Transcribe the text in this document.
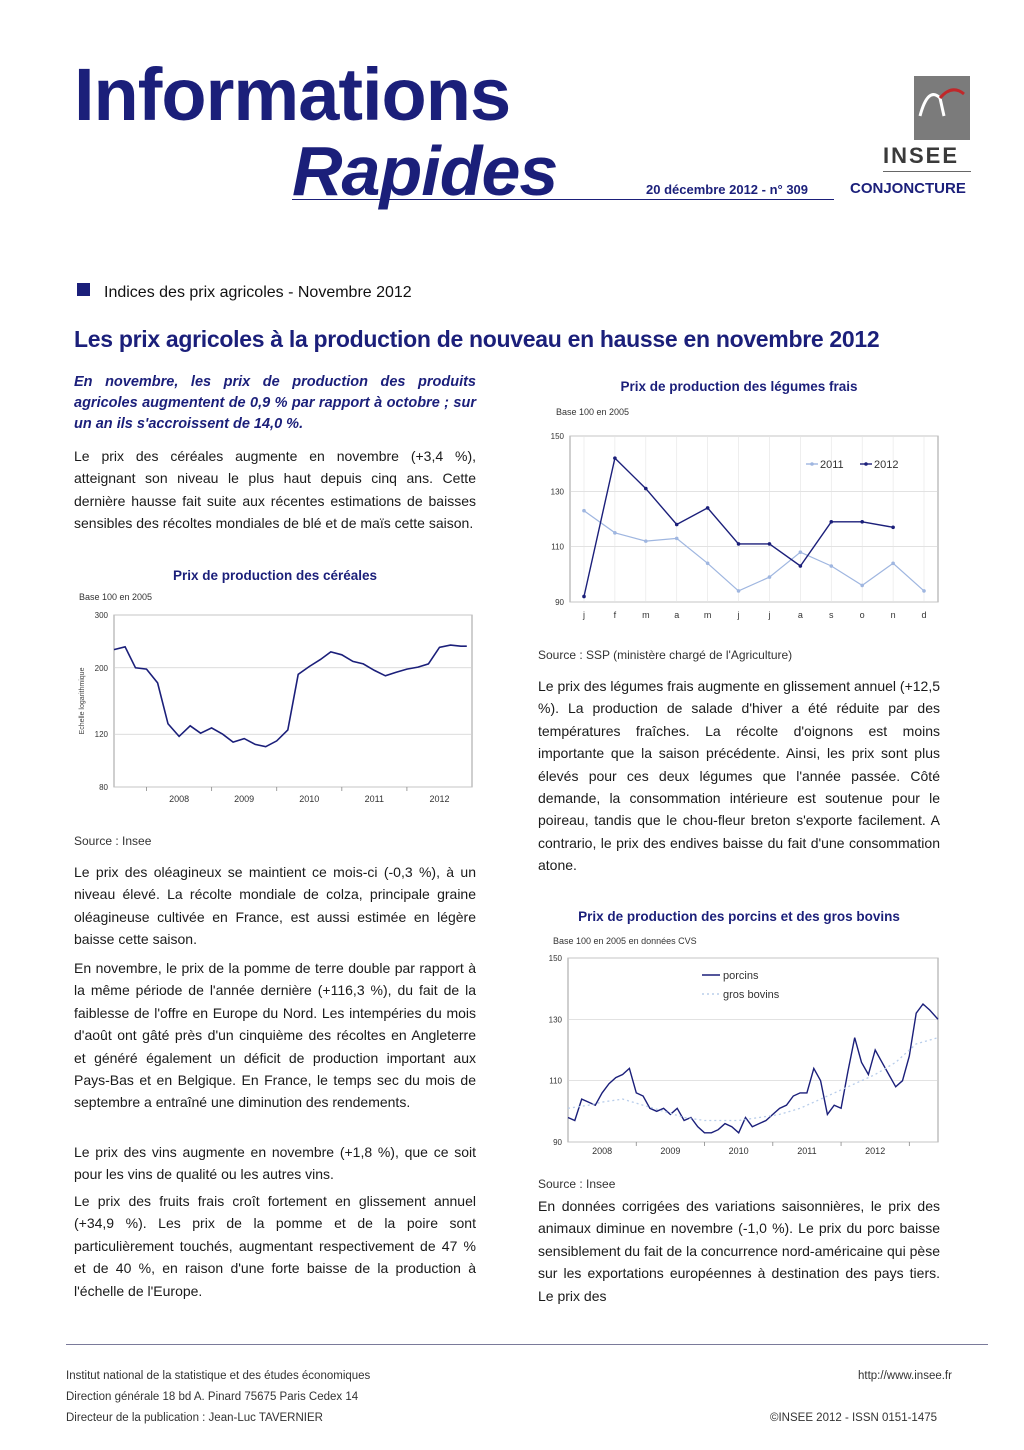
Informations
Rapides	20 décembre 2012 - n° 309
INSEE
CONJONCTURE
Indices des prix agricoles - Novembre 2012
Les prix agricoles à la production de nouveau en hausse en novembre 2012
En novembre, les prix de production des produits agricoles augmentent de 0,9 % par rapport à octobre ; sur un an ils s'accroissent de 14,0 %.
Le prix des céréales augmente en novembre (+3,4 %), atteignant son niveau le plus haut depuis cinq ans. Cette dernière hausse fait suite aux récentes estimations de baisses sensibles des récoltes mondiales de blé et de maïs cette saison.
Prix de production des céréales
Base 100 en 2005
80
120
200
300
2008	2009	2010	2011	2012
Echelle logarithmique
Source : Insee
Le prix des oléagineux se maintient ce mois-ci (-0,3 %), à un niveau élevé. La récolte mondiale de colza, principale graine oléagineuse cultivée en France, est aussi estimée en légère baisse cette saison.
En novembre, le prix de la pomme de terre double par rapport à la même période de l'année dernière (+116,3 %), du fait de la faiblesse de l'offre en Europe du Nord. Les intempéries du mois d'août ont gâté près d'un cinquième des récoltes en Angleterre et généré également un déficit de production important aux Pays-Bas et en Belgique. En France, le temps sec du mois de septembre a entraîné une diminution des rendements.
Le prix des vins augmente en novembre (+1,8 %), que ce soit pour les vins de qualité ou les autres vins.
Le prix des fruits frais croît fortement en glissement annuel (+34,9 %). Les prix de la pomme et de la poire sont particulièrement touchés, augmentant respectivement de 47 % et de 40 %, en raison d'une forte baisse de la production à l'échelle de l'Europe.
Prix de production des légumes frais
Base 100 en 2005
90
110
130
150
j	f	m	a	m	j	j	a	s	o	n	d
2011	2012
Source : SSP (ministère chargé de l'Agriculture)
Le prix des légumes frais augmente en glissement annuel (+12,5 %). La production de salade d'hiver a été réduite par des températures fraîches. La récolte d'oignons est moins importante que la saison précédente. Ainsi, les prix sont plus élevés pour ces deux légumes que l'année passée. Côté demande, la consommation intérieure est soutenue pour le poireau, tandis que le chou-fleur breton s'exporte facilement. A contrario, le prix des endives baisse du fait d'une consommation atone.
Prix de production des porcins et des gros bovins
Base 100 en 2005 en données CVS
90
110
130
150
2008	2009	2010	2011	2012
porcins
gros bovins
Source : Insee
En données corrigées des variations saisonnières, le prix des animaux diminue en novembre (-1,0 %). Le prix du porc baisse sensiblement du fait de la concurrence nord-américaine qui pèse sur les exportations européennes à destination des pays tiers. Le prix des
Institut national de la statistique et des études économiques
Direction générale 18 bd A. Pinard 75675 Paris Cedex 14
Directeur de la publication : Jean-Luc TAVERNIER
http://www.insee.fr
©INSEE 2012 - ISSN 0151-1475
